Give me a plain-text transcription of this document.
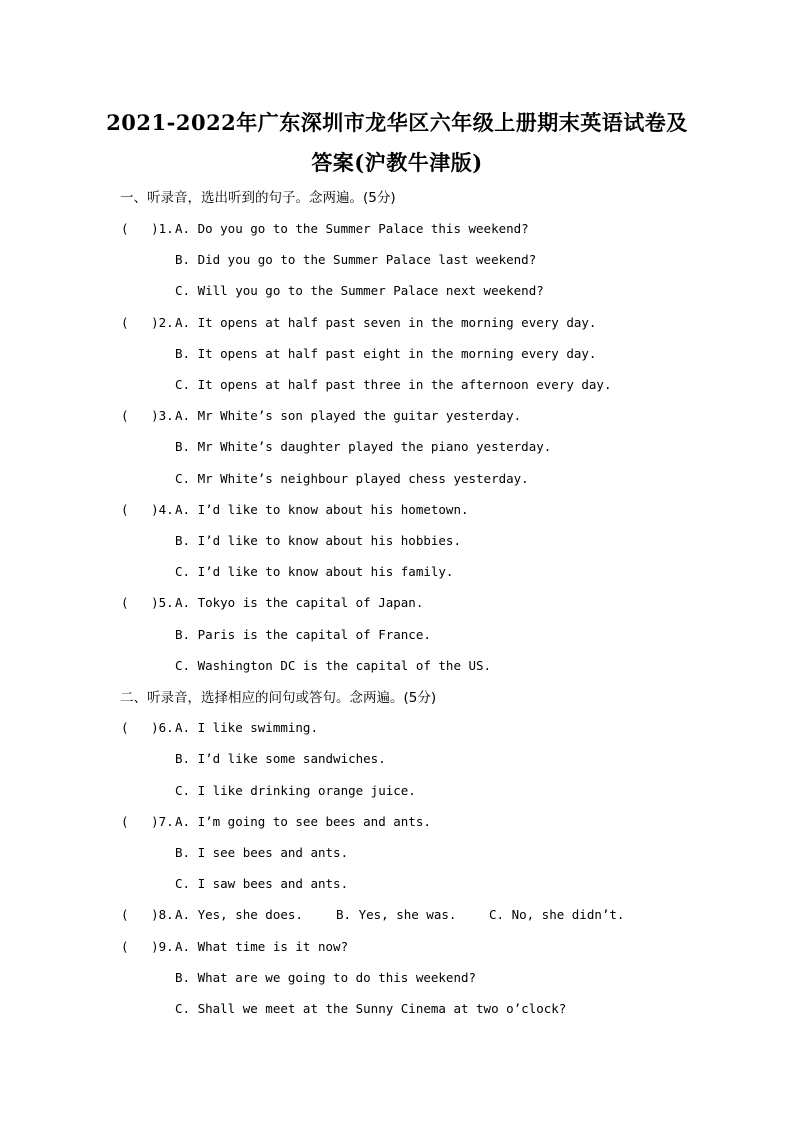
2021-2022年广东深圳市龙华区六年级上册期末英语试卷及
答案(沪教牛津版)
一、听录音，选出听到的句子。念两遍。(5分)
(   )1. A. Do you go to the Summer Palace this weekend?
B. Did you go to the Summer Palace last weekend?
C. Will you go to the Summer Palace next weekend?
(   )2. A. It opens at half past seven in the morning every day.
B. It opens at half past eight in the morning every day.
C. It opens at half past three in the afternoon every day.
(   )3. A. Mr White’s son played the guitar yesterday.
B. Mr White’s daughter played the piano yesterday.
C. Mr White’s neighbour played chess yesterday.
(   )4. A. I’d like to know about his hometown.
B. I’d like to know about his hobbies.
C. I’d like to know about his family.
(   )5. A. Tokyo is the capital of Japan.
B. Paris is the capital of France.
C. Washington DC is the capital of the US.
二、听录音，选择相应的问句或答句。念两遍。(5分)
(   )6. A. I like swimming.
B. I’d like some sandwiches.
C. I like drinking orange juice.
(   )7. A. I’m going to see bees and ants.
B. I see bees and ants.
C. I saw bees and ants.
(   )8. A. Yes, she does.	B. Yes, she was.	C. No, she didn’t.
(   )9. A. What time is it now?
B. What are we going to do this weekend?
C. Shall we meet at the Sunny Cinema at two o’clock?
